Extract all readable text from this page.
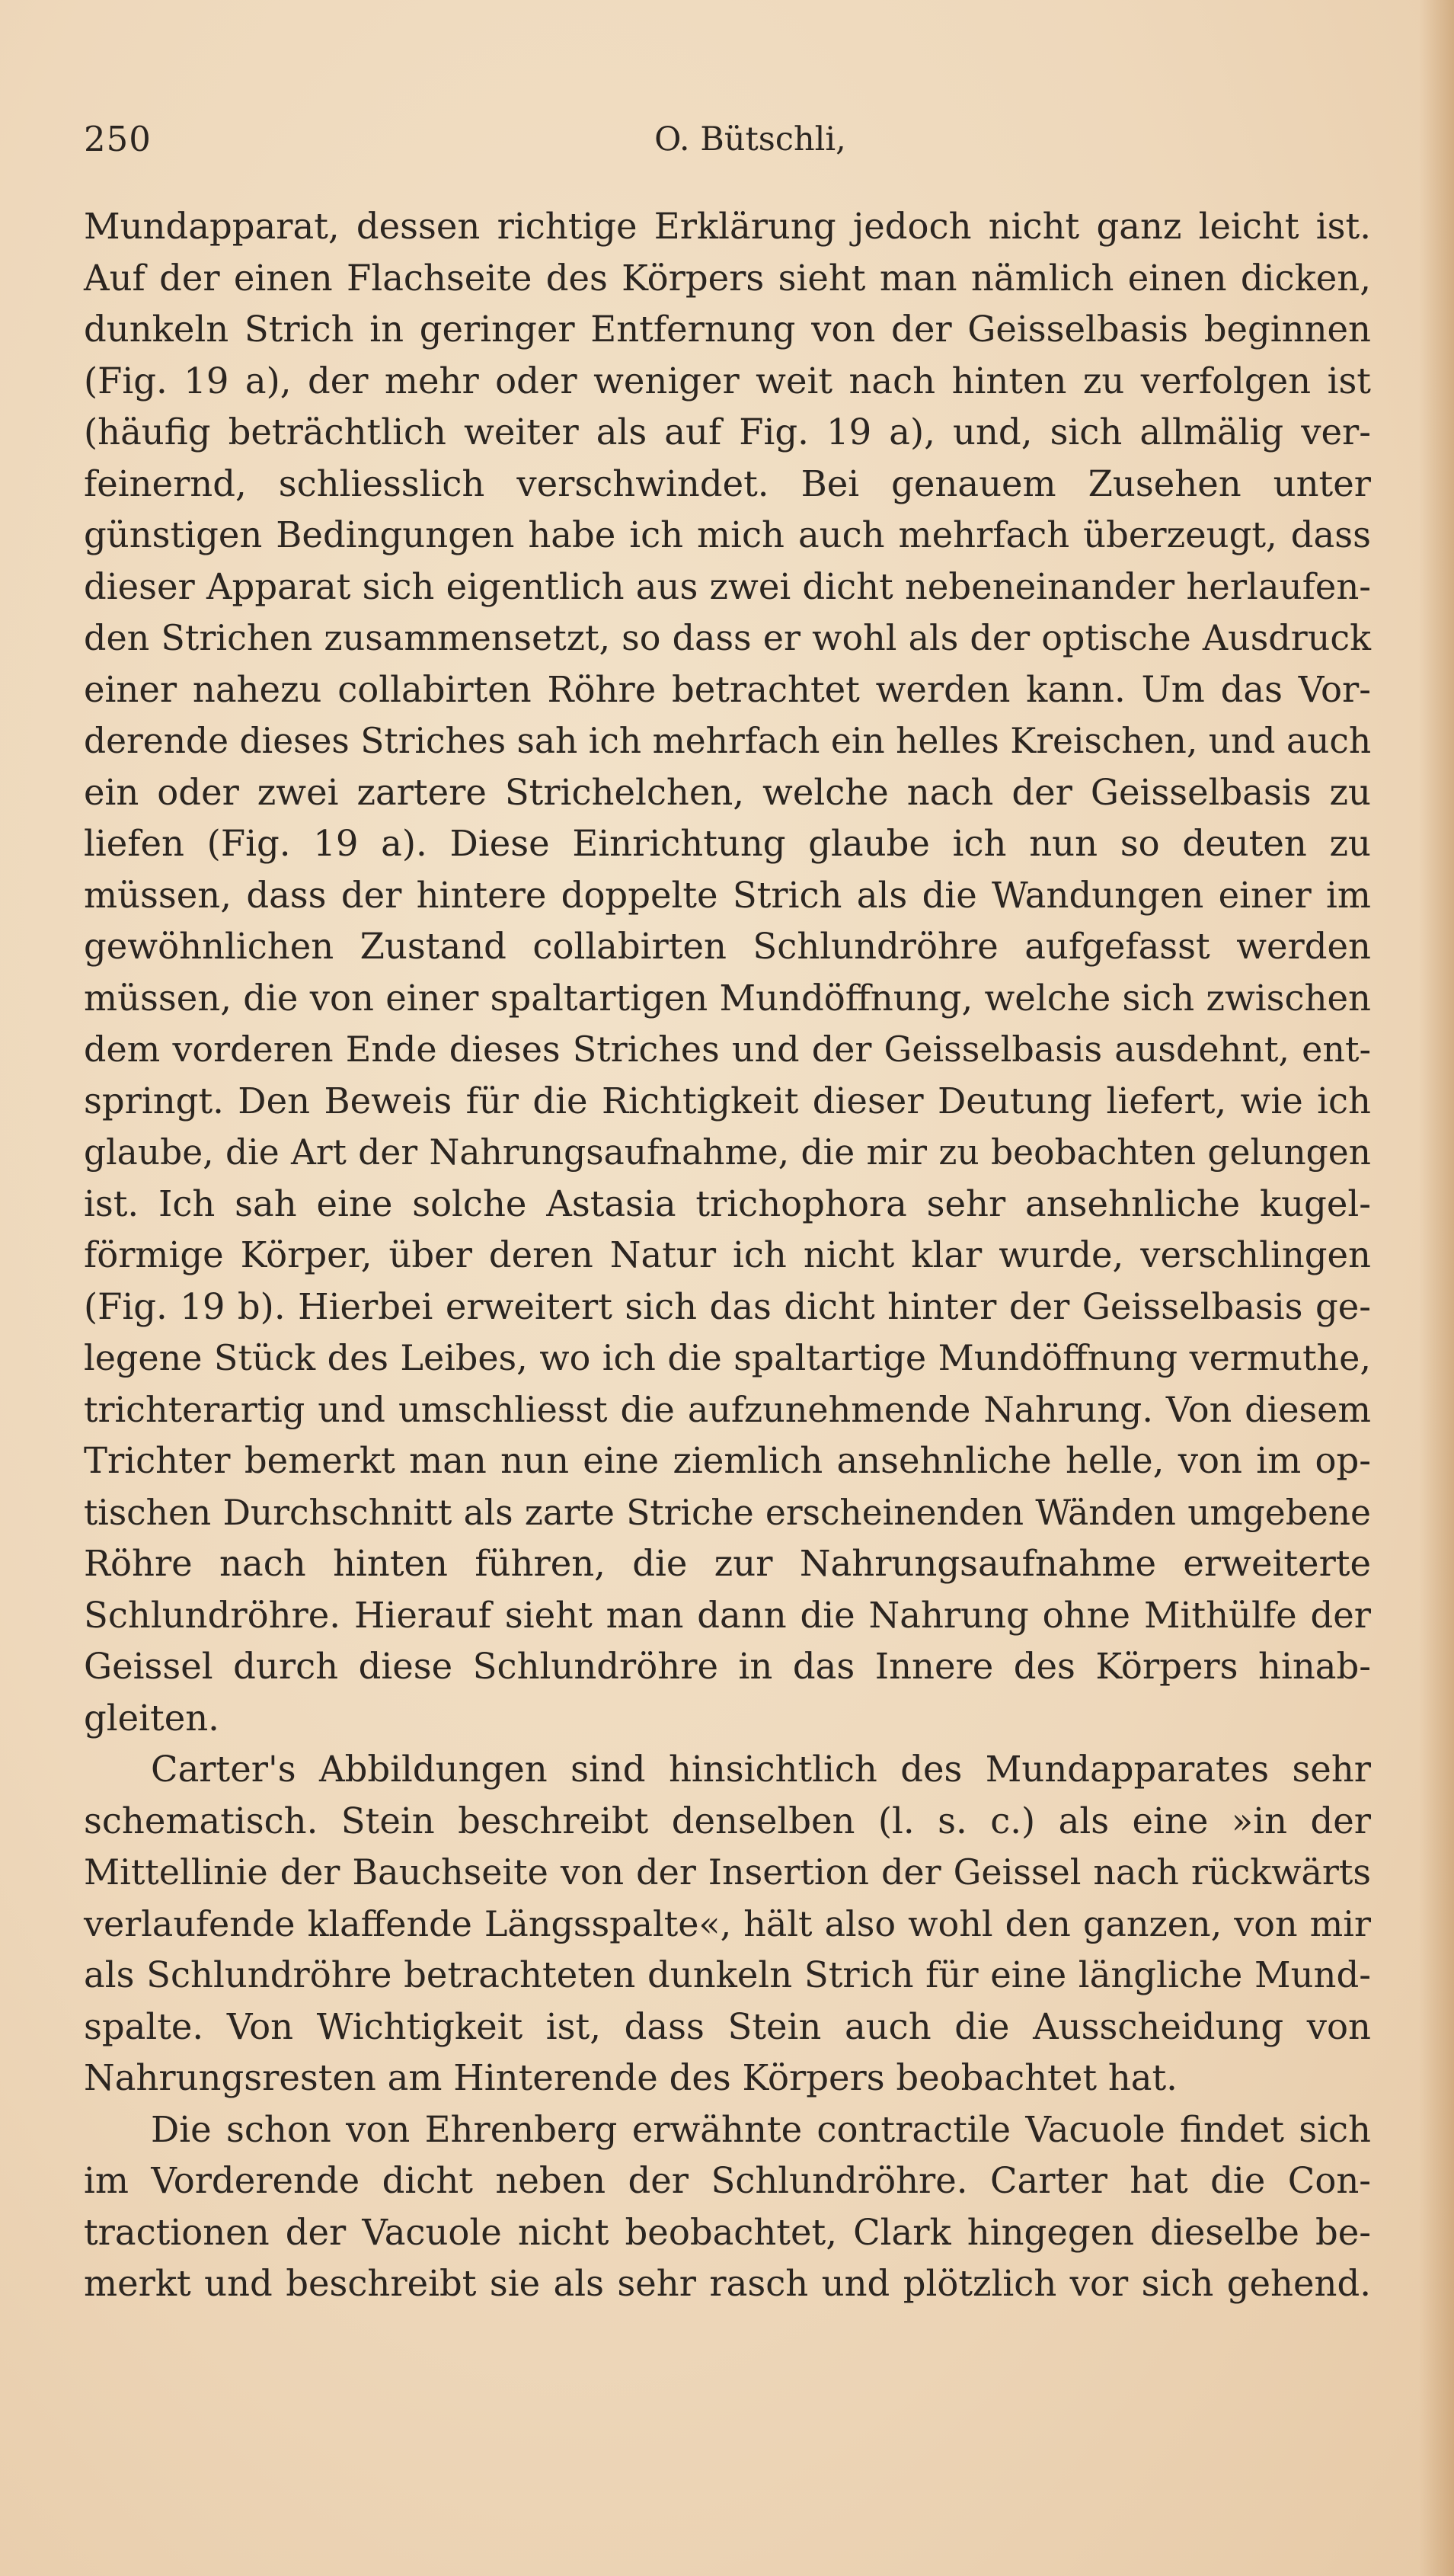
250	O. Bütschli,
Mundapparat, dessen richtige Erklärung jedoch nicht ganz leicht ist.
Auf der einen Flachseite des Körpers sieht man nämlich einen dicken,
dunkeln Strich in geringer Entfernung von der Geisselbasis beginnen
(Fig. 19 a), der mehr oder weniger weit nach hinten zu verfolgen ist
(häufig beträchtlich weiter als auf Fig. 19 a), und, sich allmälig ver-
feinernd, schliesslich verschwindet. Bei genauem Zusehen unter
günstigen Bedingungen habe ich mich auch mehrfach überzeugt, dass
dieser Apparat sich eigentlich aus zwei dicht nebeneinander herlaufen-
den Strichen zusammensetzt, so dass er wohl als der optische Ausdruck
einer nahezu collabirten Röhre betrachtet werden kann. Um das Vor-
derende dieses Striches sah ich mehrfach ein helles Kreischen, und auch
ein oder zwei zartere Strichelchen, welche nach der Geisselbasis zu
liefen (Fig. 19 a). Diese Einrichtung glaube ich nun so deuten zu
müssen, dass der hintere doppelte Strich als die Wandungen einer im
gewöhnlichen Zustand collabirten Schlundröhre aufgefasst werden
müssen, die von einer spaltartigen Mundöffnung, welche sich zwischen
dem vorderen Ende dieses Striches und der Geisselbasis ausdehnt, ent-
springt. Den Beweis für die Richtigkeit dieser Deutung liefert, wie ich
glaube, die Art der Nahrungsaufnahme, die mir zu beobachten gelungen
ist. Ich sah eine solche Astasia trichophora sehr ansehnliche kugel-
förmige Körper, über deren Natur ich nicht klar wurde, verschlingen
(Fig. 19 b). Hierbei erweitert sich das dicht hinter der Geisselbasis ge-
legene Stück des Leibes, wo ich die spaltartige Mundöffnung vermuthe,
trichterartig und umschliesst die aufzunehmende Nahrung. Von diesem
Trichter bemerkt man nun eine ziemlich ansehnliche helle, von im op-
tischen Durchschnitt als zarte Striche erscheinenden Wänden umgebene
Röhre nach hinten führen, die zur Nahrungsaufnahme erweiterte
Schlundröhre. Hierauf sieht man dann die Nahrung ohne Mithülfe der
Geissel durch diese Schlundröhre in das Innere des Körpers hinab-
gleiten.
Carter's Abbildungen sind hinsichtlich des Mundapparates sehr
schematisch. Stein beschreibt denselben (l. s. c.) als eine »in der
Mittellinie der Bauchseite von der Insertion der Geissel nach rückwärts
verlaufende klaffende Längsspalte«, hält also wohl den ganzen, von mir
als Schlundröhre betrachteten dunkeln Strich für eine längliche Mund-
spalte. Von Wichtigkeit ist, dass Stein auch die Ausscheidung von
Nahrungsresten am Hinterende des Körpers beobachtet hat.
Die schon von Ehrenberg erwähnte contractile Vacuole findet sich
im Vorderende dicht neben der Schlundröhre. Carter hat die Con-
tractionen der Vacuole nicht beobachtet, Clark hingegen dieselbe be-
merkt und beschreibt sie als sehr rasch und plötzlich vor sich gehend.
